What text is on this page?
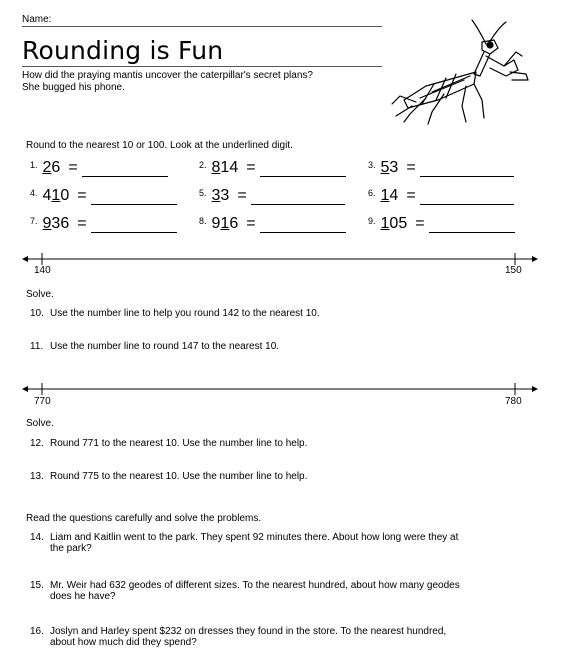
Name:
Rounding is Fun
How did the praying mantis uncover the caterpillar's secret plans?
She bugged his phone.
Round to the nearest 10 or 100. Look at the underlined digit.
1. 26 =	2. 814 =	3. 53 =
4. 410 =	5. 33 =	6. 14 =
7. 936 =	8. 916 =	9. 105 =
140	150
Solve.
10. Use the number line to help you round 142 to the nearest 10.
11. Use the number line to round 147 to the nearest 10.
770	780
Solve.
12. Round 771 to the nearest 10. Use the number line to help.
13. Round 775 to the nearest 10. Use the number line to help.
Read the questions carefully and solve the problems.
14. Liam and Kaitlin went to the park. They spent 92 minutes there. About how long were they at
the park?
15. Mr. Weir had 632 geodes of different sizes. To the nearest hundred, about how many geodes
does he have?
16. Joslyn and Harley spent $232 on dresses they found in the store. To the nearest hundred,
about how much did they spend?
